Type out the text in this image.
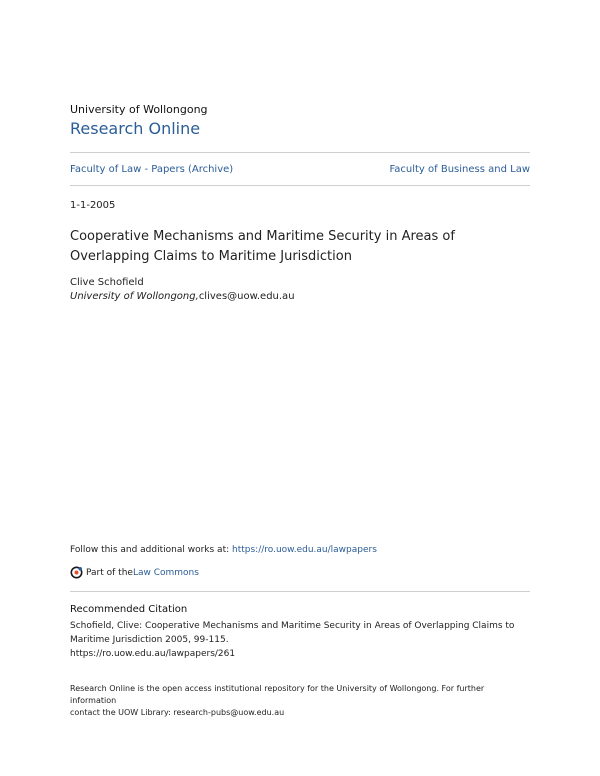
University of Wollongong
Research Online
Faculty of Law - Papers (Archive)	Faculty of Business and Law
1-1-2005
Cooperative Mechanisms and Maritime Security in Areas of Overlapping Claims to Maritime Jurisdiction
Clive Schofield
University of Wollongong,clives@uow.edu.au
Follow this and additional works at: https://ro.uow.edu.au/lawpapers
Part of the Law Commons
Recommended Citation
Schofield, Clive: Cooperative Mechanisms and Maritime Security in Areas of Overlapping Claims to
Maritime Jurisdiction 2005, 99-115.
https://ro.uow.edu.au/lawpapers/261
Research Online is the open access institutional repository for the University of Wollongong. For further information
contact the UOW Library: research-pubs@uow.edu.au
